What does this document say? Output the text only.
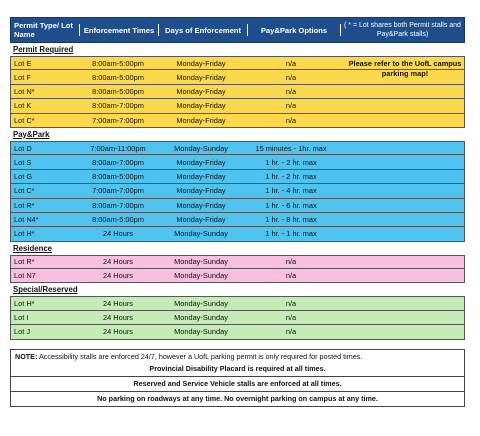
Permit Type/ Lot Name	Enforcement Times	Days of Enforcement	Pay&Park Options	( * = Lot shares both Permit stalls and Pay&Park stalls)
Permit Required
Lot E	8:00am-5:00pm	Monday-Friday	n/a
Lot F	8:00am-5:00pm	Monday-Friday	n/a
Lot N*	8:00am-5:00pm	Monday-Friday	n/a
Lot K	8:00am-7:00pm	Monday-Friday	n/a
Lot C*	7:00am-7:00pm	Monday-Friday	n/a
Please refer to the UofL campus parking map!
Pay&Park
Lot D	7:00am-11:00pm	Monday-Sunday	15 minutes - 1hr. max
Lot S	8:00am-7:00pm	Monday-Friday	1 hr. - 2 hr. max
Lot G	8:00am-5:00pm	Monday-Friday	1 hr. - 2 hr. max
Lot C*	7:00am-7:00pm	Monday-Friday	1 hr. - 4 hr. max
Lot R*	8:00am-7:00pm	Monday-Friday	1 hr. - 6 hr. max
Lot N4*	8:00am-5:00pm	Monday-Friday	1 hr. - 8 hr. max
Lot H*	24 Hours	Monday-Sunday	1 hr. - 1 hr. max
Residence
Lot R*	24 Hours	Monday-Sunday	n/a
Lot N7	24 Hours	Monday-Sunday	n/a
Special/Reserved
Lot H*	24 Hours	Monday-Sunday	n/a
Lot I	24 Hours	Monday-Sunday	n/a
Lot J	24 Hours	Monday-Sunday	n/a
NOTE: Accessibility stalls are enforced 24/7, however a UofL parking permit is only required for posted times.
Provincial Disability Placard is required at all times.
Reserved and Service Vehicle stalls are enforced at all times.
No parking on roadways at any time. No overnight parking on campus at any time.
